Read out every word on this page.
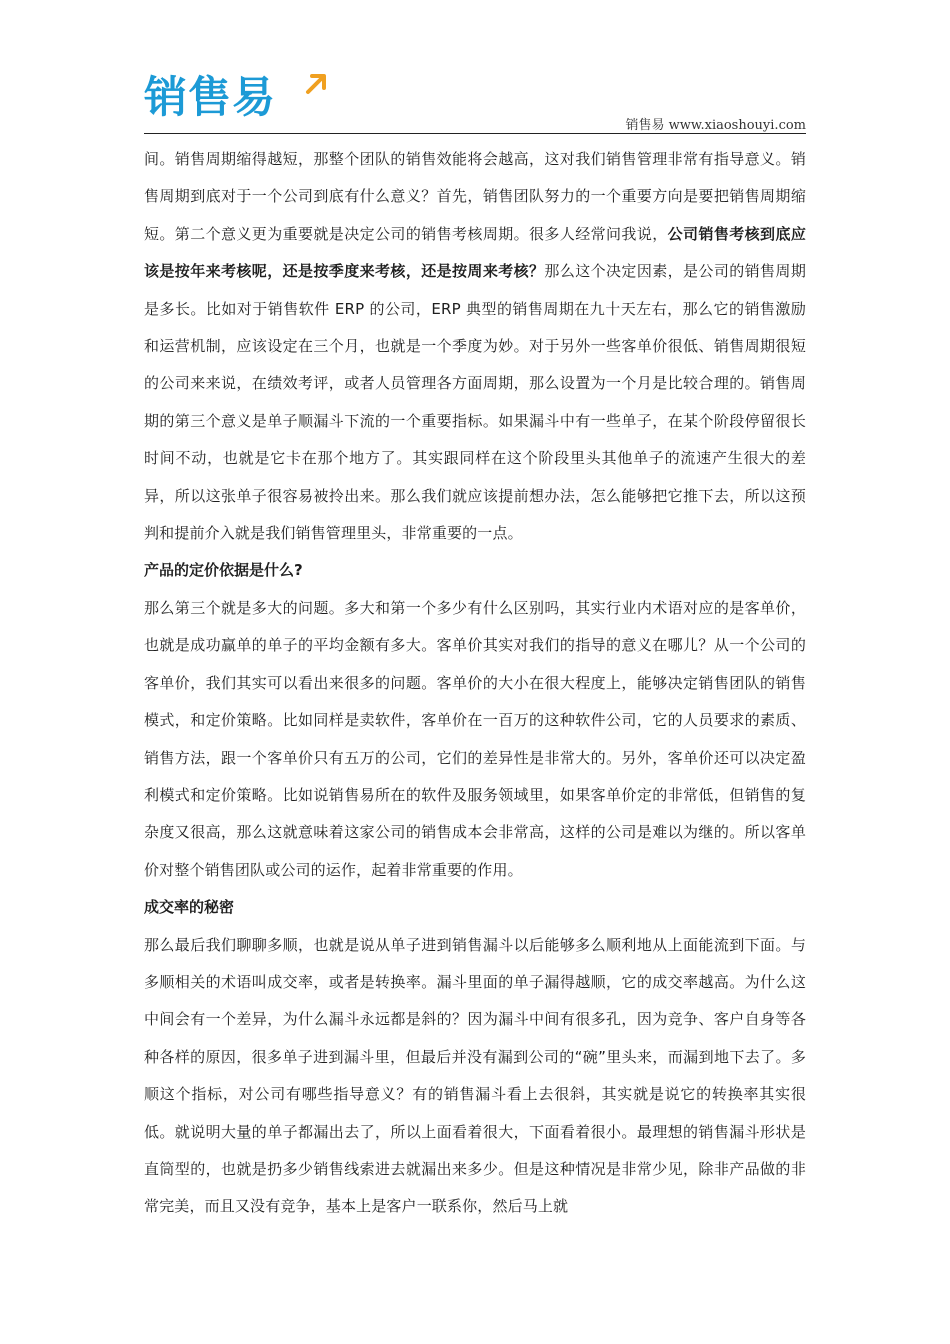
销售易
销售易 www.xiaoshouyi.com

间。销售周期缩得越短，那整个团队的销售效能将会越高，这对我们销售管理非常有指导意义。销售周期到底对于一个公司到底有什么意义？首先，销售团队努力的一个重要方向是要把销售周期缩短。第二个意义更为重要就是决定公司的销售考核周期。很多人经常问我说，公司销售考核到底应该是按年来考核呢，还是按季度来考核，还是按周来考核？那么这个决定因素，是公司的销售周期是多长。比如对于销售软件 ERP 的公司，ERP 典型的销售周期在九十天左右，那么它的销售激励和运营机制，应该设定在三个月，也就是一个季度为妙。对于另外一些客单价很低、销售周期很短的公司来来说，在绩效考评，或者人员管理各方面周期，那么设置为一个月是比较合理的。销售周期的第三个意义是单子顺漏斗下流的一个重要指标。如果漏斗中有一些单子，在某个阶段停留很长时间不动，也就是它卡在那个地方了。其实跟同样在这个阶段里头其他单子的流速产生很大的差异，所以这张单子很容易被拎出来。那么我们就应该提前想办法，怎么能够把它推下去，所以这预判和提前介入就是我们销售管理里头，非常重要的一点。

产品的定价依据是什么?

那么第三个就是多大的问题。多大和第一个多少有什么区别吗，其实行业内术语对应的是客单价，也就是成功赢单的单子的平均金额有多大。客单价其实对我们的指导的意义在哪儿？从一个公司的客单价，我们其实可以看出来很多的问题。客单价的大小在很大程度上，能够决定销售团队的销售模式，和定价策略。比如同样是卖软件，客单价在一百万的这种软件公司，它的人员要求的素质、销售方法，跟一个客单价只有五万的公司，它们的差异性是非常大的。另外，客单价还可以决定盈利模式和定价策略。比如说销售易所在的软件及服务领域里，如果客单价定的非常低，但销售的复杂度又很高，那么这就意味着这家公司的销售成本会非常高，这样的公司是难以为继的。所以客单价对整个销售团队或公司的运作，起着非常重要的作用。

成交率的秘密

那么最后我们聊聊多顺，也就是说从单子进到销售漏斗以后能够多么顺利地从上面能流到下面。与多顺相关的术语叫成交率，或者是转换率。漏斗里面的单子漏得越顺，它的成交率越高。为什么这中间会有一个差异，为什么漏斗永远都是斜的？因为漏斗中间有很多孔，因为竞争、客户自身等各种各样的原因，很多单子进到漏斗里，但最后并没有漏到公司的“碗”里头来，而漏到地下去了。多顺这个指标，对公司有哪些指导意义？有的销售漏斗看上去很斜，其实就是说它的转换率其实很低。就说明大量的单子都漏出去了，所以上面看着很大，下面看着很小。最理想的销售漏斗形状是直筒型的，也就是扔多少销售线索进去就漏出来多少。但是这种情况是非常少见，除非产品做的非常完美，而且又没有竞争，基本上是客户一联系你，然后马上就
